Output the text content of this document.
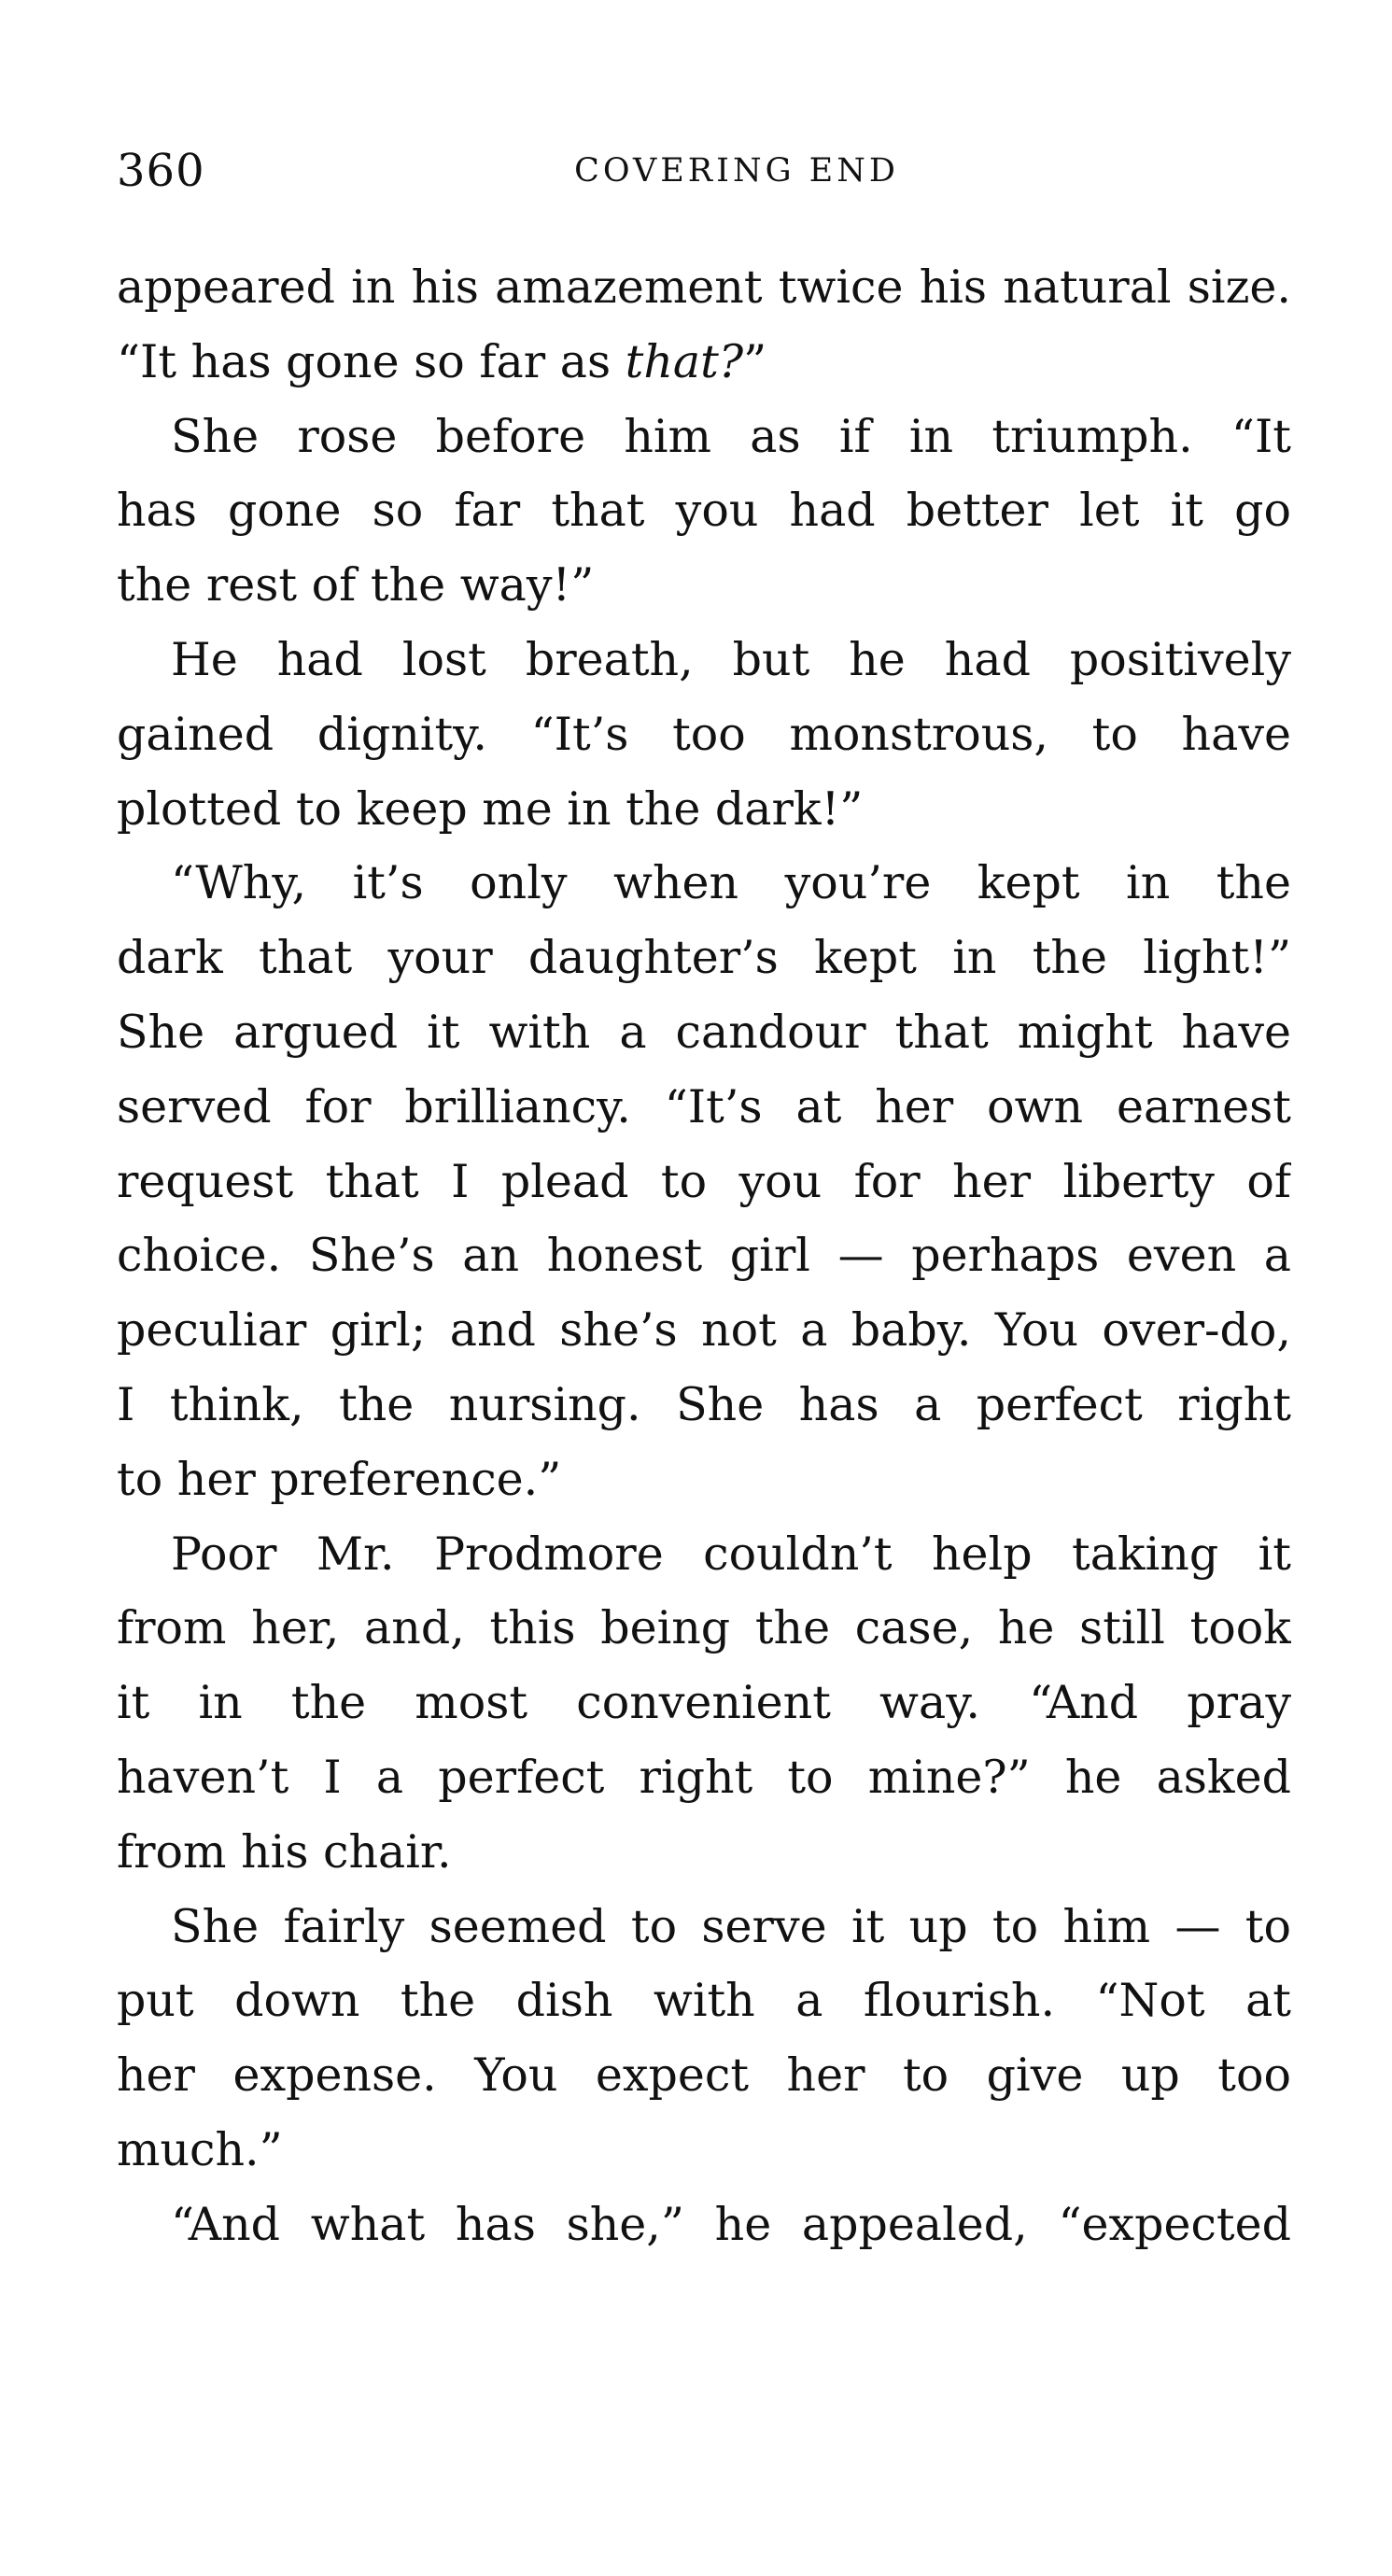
360	COVERING END
appeared in his amazement twice his natural size.
“It has gone so far as that?”
She rose before him as if in triumph. “It
has gone so far that you had better let it go
the rest of the way!”
He had lost breath, but he had positively
gained dignity. “It’s too monstrous, to have
plotted to keep me in the dark!”
“Why, it’s only when you’re kept in the
dark that your daughter’s kept in the light!”
She argued it with a candour that might have
served for brilliancy. “It’s at her own earnest
request that I plead to you for her liberty of
choice. She’s an honest girl — perhaps even a
peculiar girl; and she’s not a baby. You over-do,
I think, the nursing. She has a perfect right
to her preference.”
Poor Mr. Prodmore couldn’t help taking it
from her, and, this being the case, he still took
it in the most convenient way. “And pray
haven’t I a perfect right to mine?” he asked
from his chair.
She fairly seemed to serve it up to him — to
put down the dish with a flourish. “Not at
her expense. You expect her to give up too
much.”
“And what has she,” he appealed, “expected
